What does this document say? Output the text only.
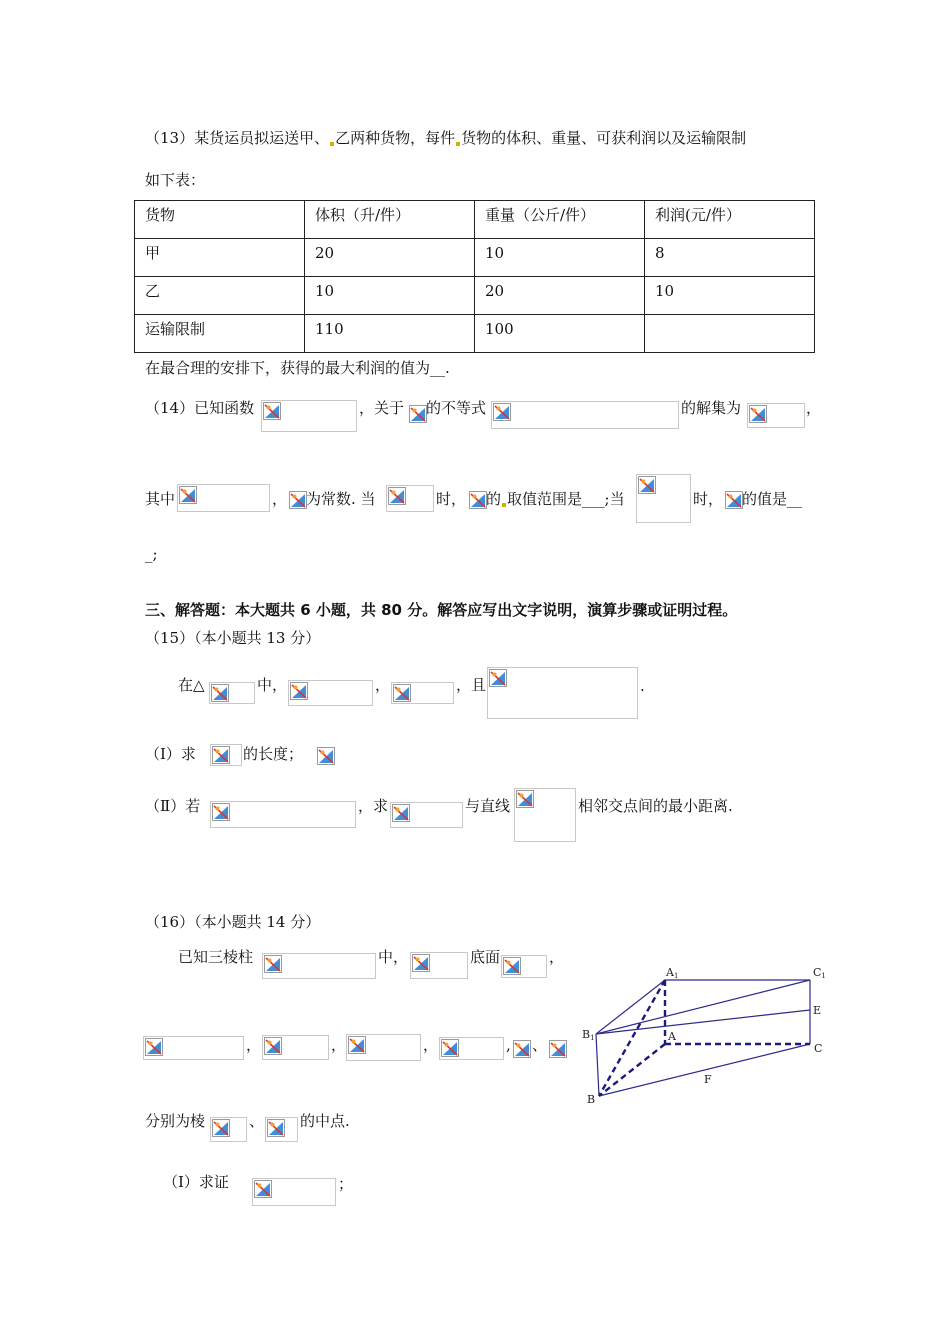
（13）某货运员拟运送甲、 乙两种货物，每件 货物的体积、重量、可获利润以及运输限制
如下表：
货物	体积（升/件）	重量（公斤/件）	利润(元/件）
甲	20	10	8
乙	10	20	10
运输限制	110	100	
在最合理的安排下，获得的最大利润的值为__.
（14）已知函数	，关于 的不等式	的解集为	，
其中	， 为常数. 当	时， 的 取值范围是___;当	时， 的值是__
_;
三、解答题：本大题共 6 小题，共 80 分。解答应写出文字说明，演算步骤或证明过程。
（15）（本小题共 13 分）
在△	中，	，	，且	.
（Ⅰ）求	的长度；
（Ⅱ）若	，求	与直线	相邻交点间的最小距离.
（16）（本小题共 14 分）
已知三棱柱	中，	底面	，
，	，	，	, 、
分别为棱	、 的中点.
（Ⅰ）求证	；
A1	C1
B1	A
C
E
F
B
